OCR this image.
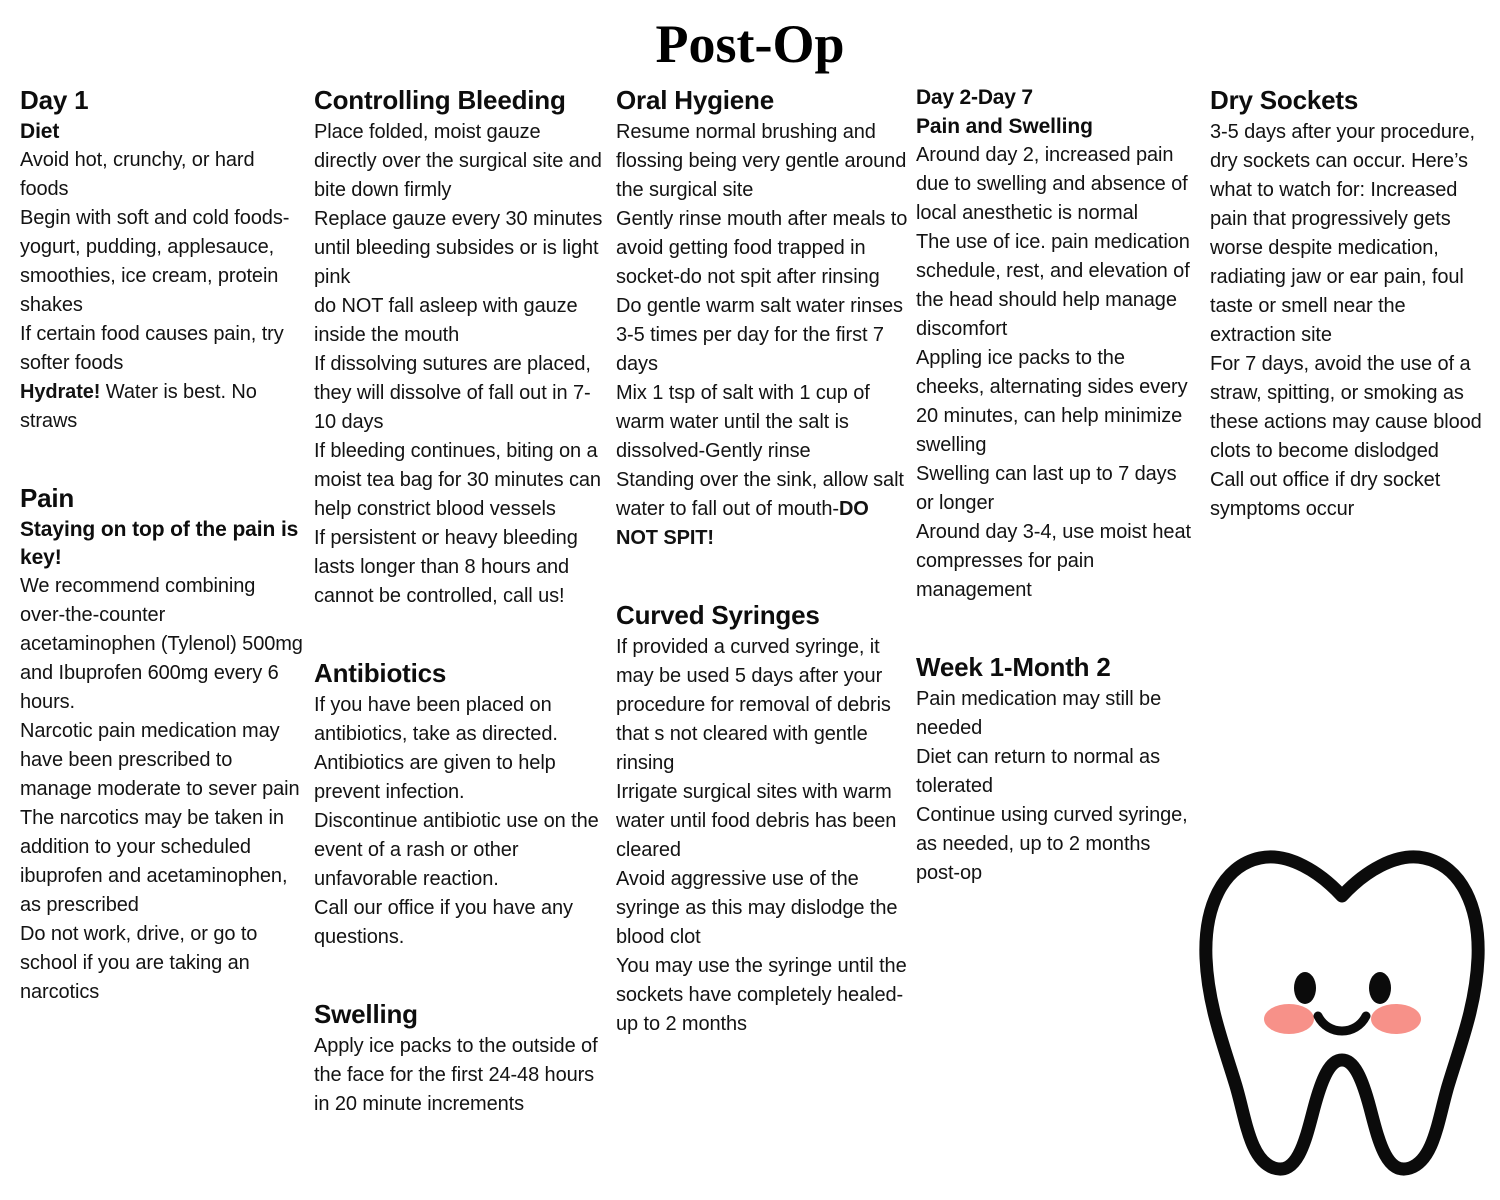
Post-Op
Day 1
Diet
Avoid hot, crunchy, or hard foods
Begin with soft and cold foods-yogurt, pudding, applesauce, smoothies, ice cream, protein shakes
If certain food causes pain, try softer foods
Hydrate! Water is best. No straws
Pain
Staying on top of the pain is key!
We recommend combining over-the-counter acetaminophen (Tylenol) 500mg and Ibuprofen 600mg every 6 hours.
Narcotic pain medication may have been prescribed to manage moderate to sever pain
The narcotics may be taken in addition to your scheduled ibuprofen and acetaminophen, as prescribed
Do not work, drive, or go to school if you are taking an narcotics
Controlling Bleeding
Place folded, moist gauze directly over the surgical site and bite down firmly
Replace gauze every 30 minutes until bleeding subsides or is light pink
do NOT fall asleep with gauze inside the mouth
If dissolving sutures are placed, they will dissolve of fall out in 7-10 days
If bleeding continues, biting on a moist tea bag for 30 minutes can help constrict blood vessels
If persistent or heavy bleeding lasts longer than 8 hours and cannot be controlled, call us!
Antibiotics
If you have been placed on antibiotics, take as directed.
Antibiotics are given to help prevent infection.
Discontinue antibiotic use on the event of a rash or other unfavorable reaction.
Call our office if you have any questions.
Swelling
Apply ice packs to the outside of the face for the first 24-48 hours in 20 minute increments
Oral Hygiene
Resume normal brushing and flossing being very gentle around the surgical site
Gently rinse mouth after meals to avoid getting food trapped in socket-do not spit after rinsing
Do gentle warm salt water rinses 3-5 times per day for the first 7 days
Mix 1 tsp of salt with 1 cup of warm water until the salt is dissolved-Gently rinse
Standing over the sink, allow salt water to fall out of mouth-DO NOT SPIT!
Curved Syringes
If provided a curved syringe, it may be used 5 days after your procedure for removal of debris that s not cleared with gentle rinsing
Irrigate surgical sites with warm water until food debris has been cleared
Avoid aggressive use of the syringe as this may dislodge the blood clot
You may use the syringe until the sockets have completely healed-up to 2 months
Day 2-Day 7
Pain and Swelling
Around day 2, increased pain due to swelling and absence of local anesthetic is normal
The use of ice. pain medication schedule, rest, and elevation of the head should help manage discomfort
Appling ice packs to the cheeks, alternating sides every 20 minutes, can help minimize swelling
Swelling can last up to 7 days or longer
Around day 3-4, use moist heat compresses for pain management
Week 1-Month 2
Pain medication may still be needed
Diet can return to normal as tolerated
Continue using curved syringe, as needed, up to 2 months post-op
Dry Sockets
3-5 days after your procedure, dry sockets can occur. Here’s what to watch for: Increased pain that progressively gets worse despite medication, radiating jaw or ear pain, foul taste or smell near the extraction site
For 7 days, avoid the use of a straw, spitting, or smoking as these actions may cause blood clots to become dislodged
Call out office if dry socket symptoms occur
